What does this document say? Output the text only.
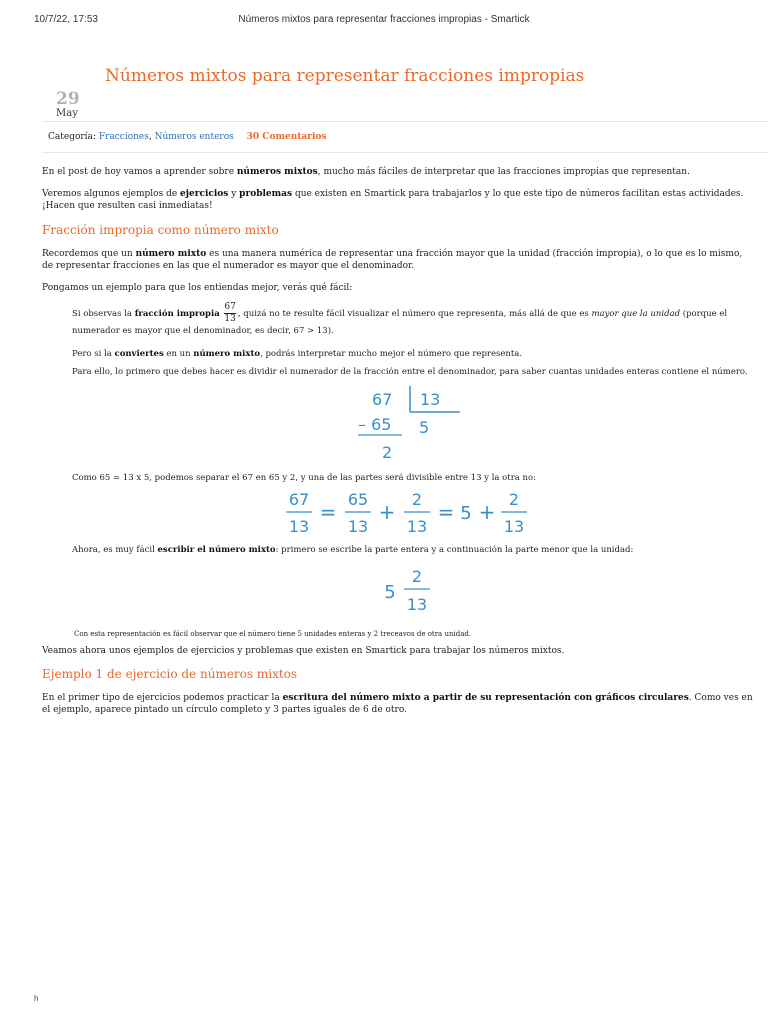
10/7/22, 17:53	Números mixtos para representar fracciones impropias - Smartick
Números mixtos para representar fracciones impropias
29
May
Categoría: Fracciones, Números enteros 30 Comentarios

En el post de hoy vamos a aprender sobre números mixtos, mucho más fáciles de interpretar que las fracciones impropias que representan.

Veremos algunos ejemplos de ejercicios y problemas que existen en Smartick para trabajarlos y lo que este tipo de números facilitan estas actividades.
¡Hacen que resulten casi inmediatas!

Fracción impropia como número mixto

Recordemos que un número mixto es una manera numérica de representar una fracción mayor que la unidad (fracción impropia), o lo que es lo mismo,
de representar fracciones en las que el numerador es mayor que el denominador.

Pongamos un ejemplo para que los entiendas mejor, verás qué fácil:

Si observas la fracción impropia $\frac{67}{13}$ , quizá no te resulte fácil visualizar el número que representa, más allá de que es mayor que la unidad (porque el
numerador es mayor que el denominador, es decir, 67 > 13).

Pero si la conviertes en un número mixto, podrás interpretar mucho mejor el número que representa.

Para ello, lo primero que debes hacer es dividir el numerador de la fracción entre el denominador, para saber cuantas unidades enteras contiene el número.

67 13
– 65 5
2

Como 65 = 13 x 5, podemos separar el 67 en 65 y 2, y una de las partes será divisible entre 13 y la otra no:

67
13
=
65
13
+
2
13
= 5 +
2
13

Ahora, es muy fácil escribir el número mixto: primero se escribe la parte entera y a continuación la parte menor que la unidad:

5
2
13

Con esta representación es fácil observar que el número tiene 5 unidades enteras y 2 treceavos de otra unidad.

Veamos ahora unos ejemplos de ejercicios y problemas que existen en Smartick para trabajar los números mixtos.

Ejemplo 1 de ejercicio de números mixtos

En el primer tipo de ejercicios podemos practicar la escritura del número mixto a partir de su representación con gráficos circulares. Como ves en
el ejemplo, aparece pintado un círculo completo y 3 partes iguales de 6 de otro.

h
